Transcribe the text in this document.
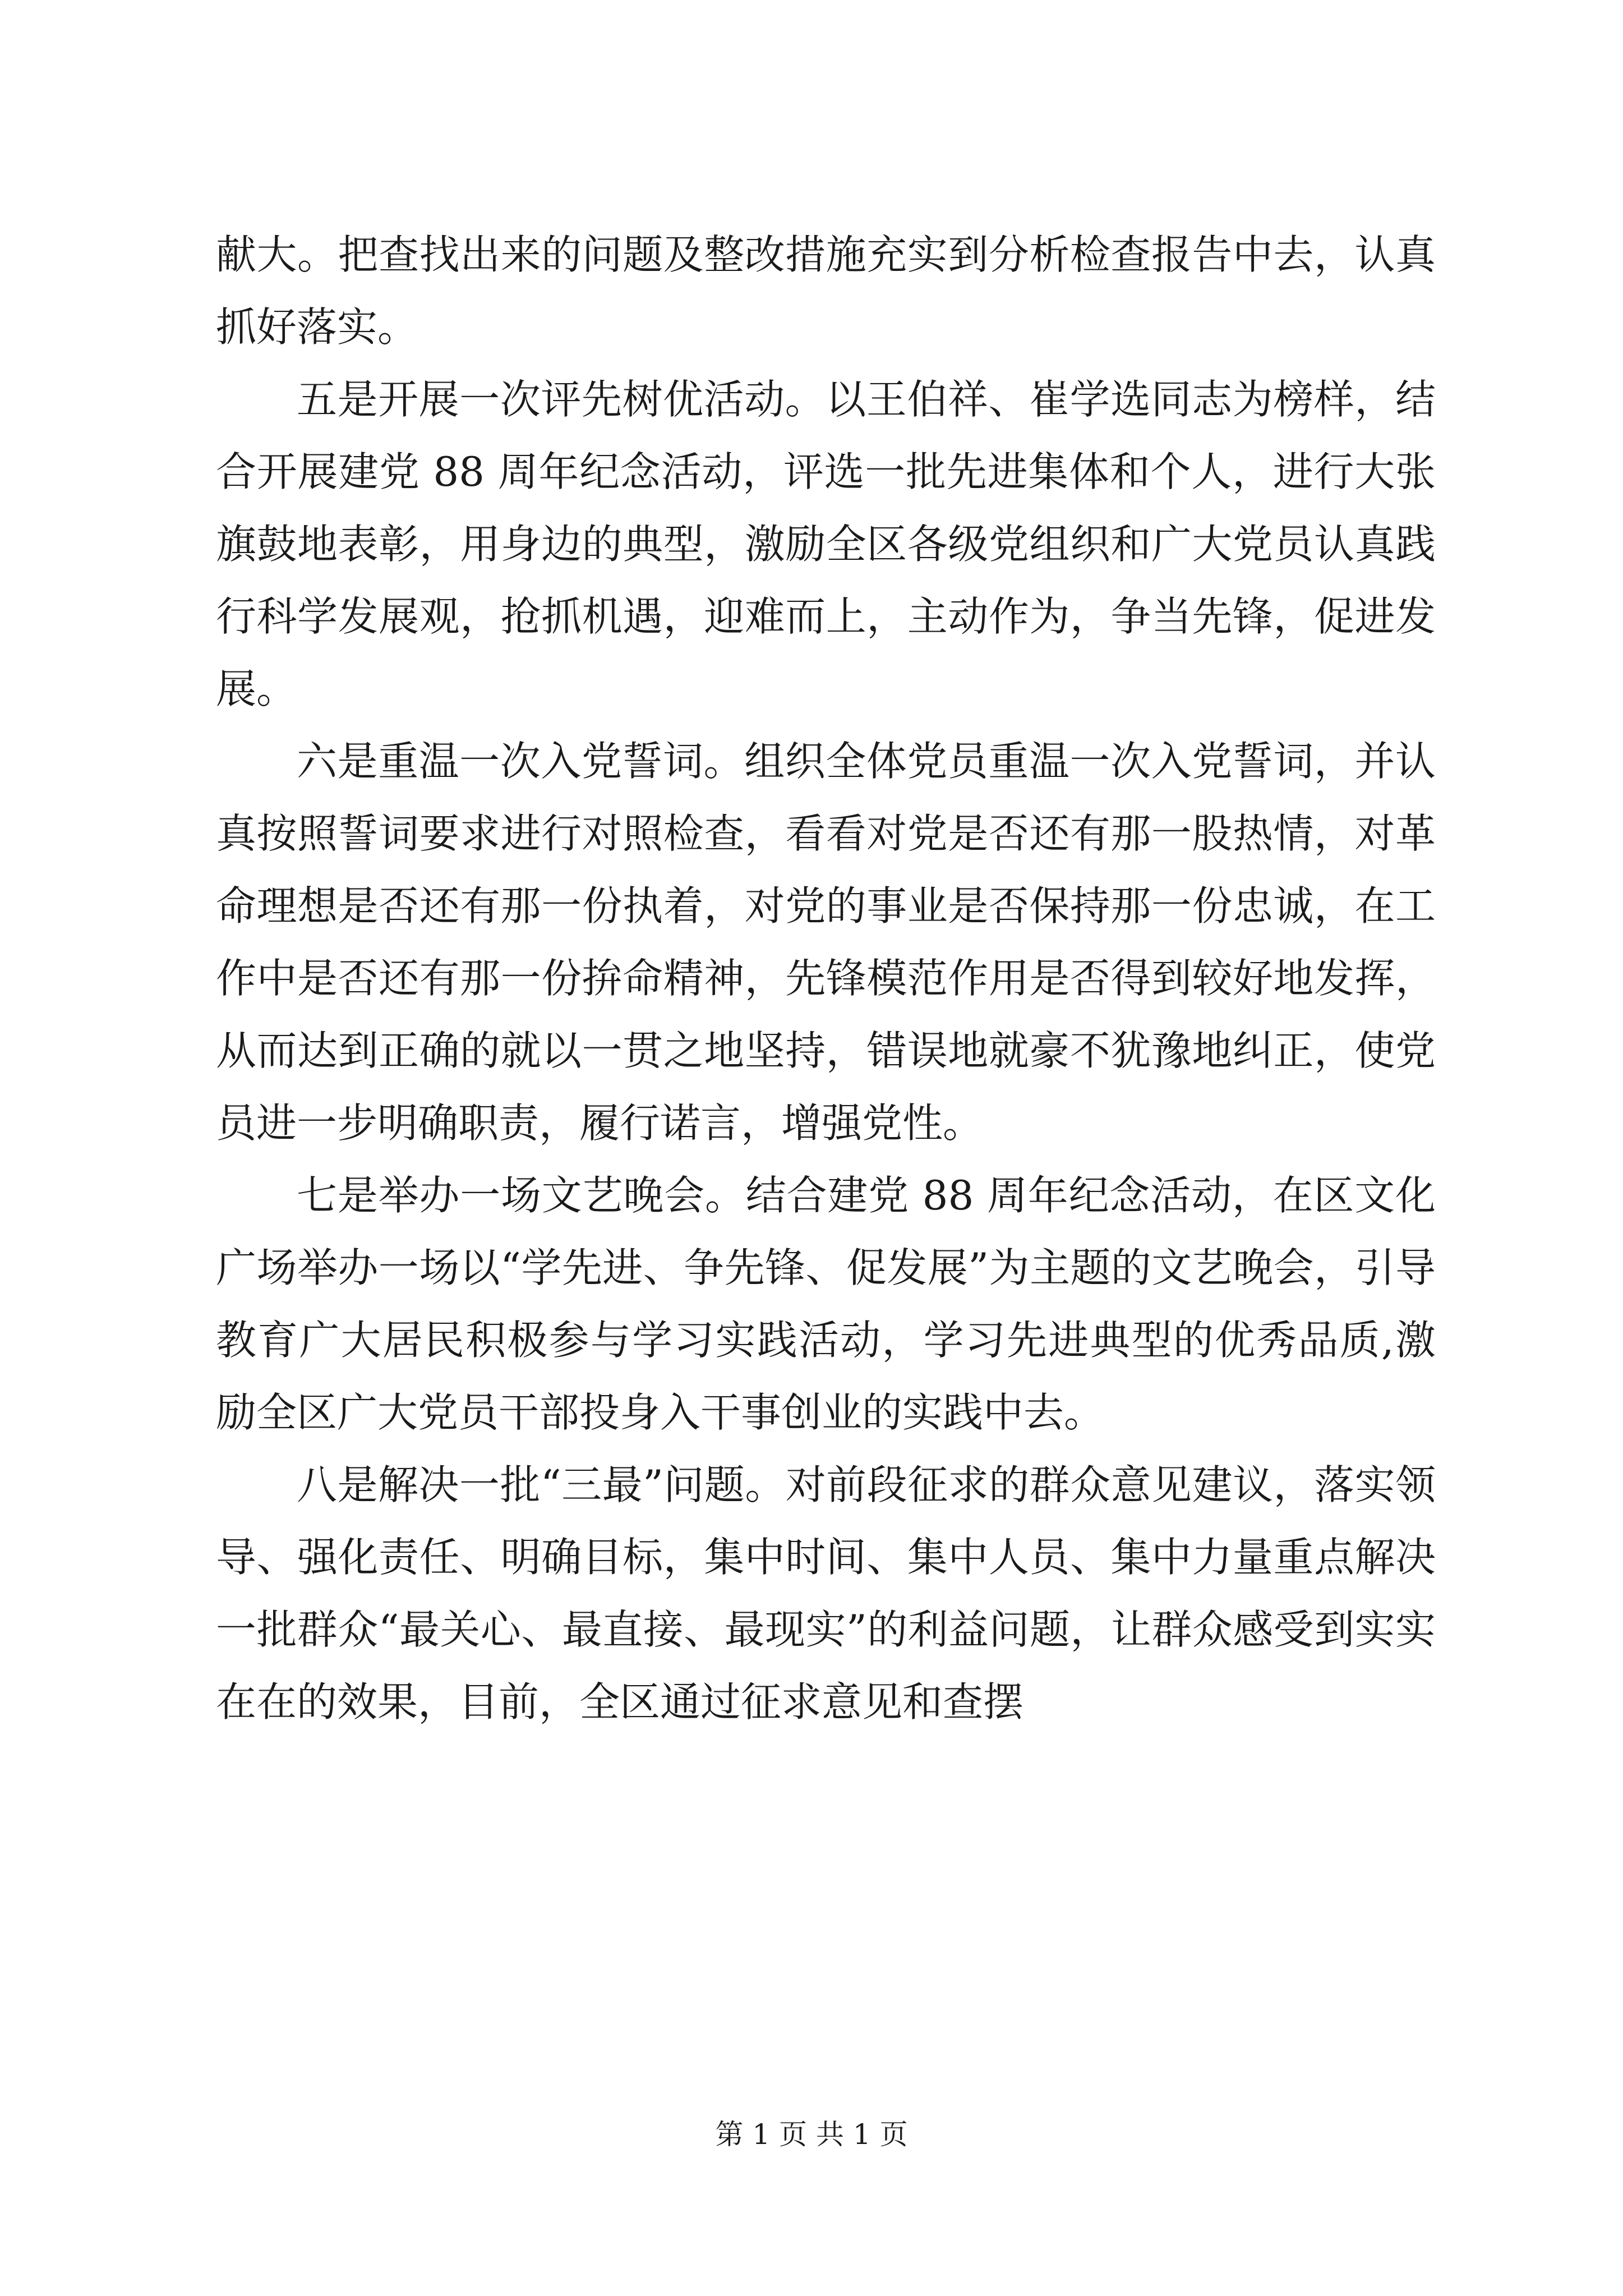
献大。把查找出来的问题及整改措施充实到分析检查报告中去，认真抓好落实。

五是开展一次评先树优活动。以王伯祥、崔学选同志为榜样，结合开展建党 88 周年纪念活动，评选一批先进集体和个人，进行大张旗鼓地表彰，用身边的典型，激励全区各级党组织和广大党员认真践行科学发展观，抢抓机遇，迎难而上，主动作为，争当先锋，促进发展。

六是重温一次入党誓词。组织全体党员重温一次入党誓词，并认真按照誓词要求进行对照检查，看看对党是否还有那一股热情，对革命理想是否还有那一份执着，对党的事业是否保持那一份忠诚，在工作中是否还有那一份拚命精神，先锋模范作用是否得到较好地发挥，从而达到正确的就以一贯之地坚持，错误地就豪不犹豫地纠正，使党员进一步明确职责，履行诺言，增强党性。

七是举办一场文艺晚会。结合建党 88 周年纪念活动，在区文化广场举办一场以“学先进、争先锋、促发展”为主题的文艺晚会，引导教育广大居民积极参与学习实践活动，学习先进典型的优秀品质,激励全区广大党员干部投身入干事创业的实践中去。

八是解决一批“三最”问题。对前段征求的群众意见建议，落实领导、强化责任、明确目标，集中时间、集中人员、集中力量重点解决一批群众“最关心、最直接、最现实”的利益问题，让群众感受到实实在在的效果，目前，全区通过征求意见和查摆

第 1 页 共 1 页
